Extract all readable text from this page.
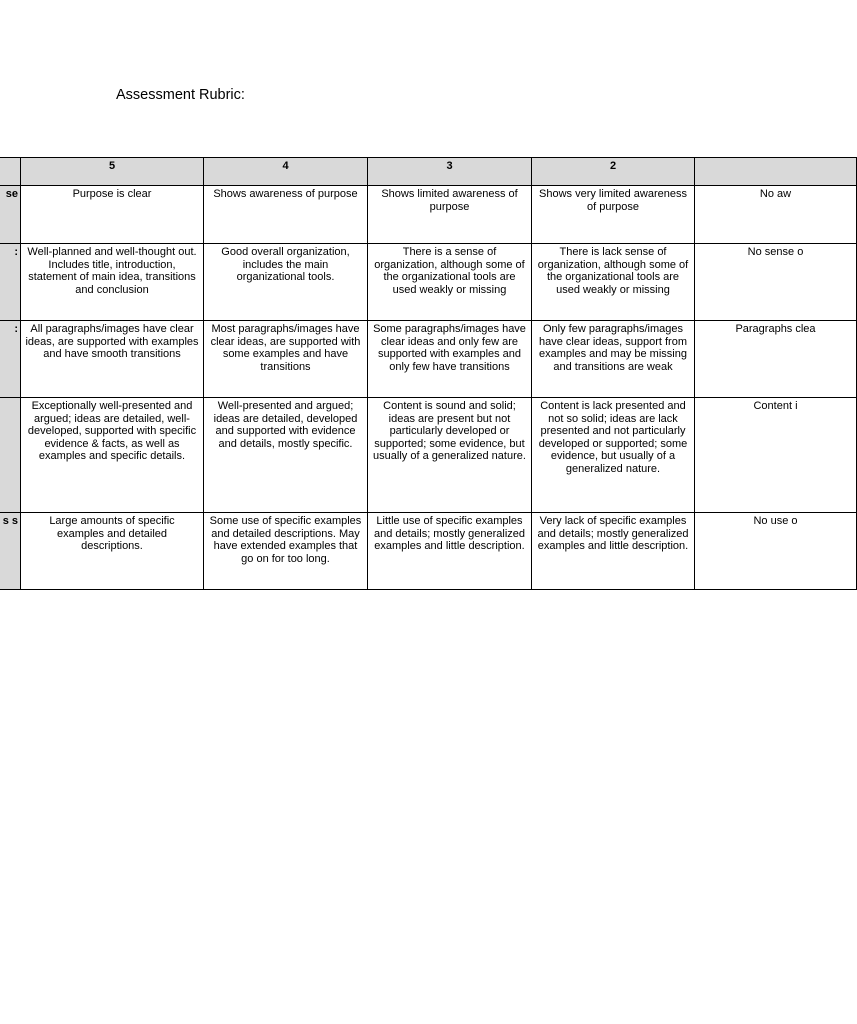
Assessment Rubric:
	5	4	3	2	
se	Purpose is clear	Shows awareness of purpose	Shows limited awareness of purpose	Shows very limited awareness of purpose	No aw
:	Well-planned and well-thought out. Includes title, introduction, statement of main idea, transitions and conclusion	Good overall organization, includes the main organizational tools.	There is a sense of organization, although some of the organizational tools are used weakly or missing	There is lack sense of organization, although some of the organizational tools are used weakly or missing	No sense o
:	All paragraphs/images have clear ideas, are supported with examples and have smooth transitions	Most paragraphs/images have clear ideas, are supported with some examples and have transitions	Some paragraphs/images have clear ideas and only few are supported with examples and only few have transitions	Only few paragraphs/images have clear ideas, support from examples and may be missing and transitions are weak	Paragraphs clea
	Exceptionally well-presented and argued; ideas are detailed, well-developed, supported with specific evidence & facts, as well as examples and specific details.	Well-presented and argued; ideas are detailed, developed and supported with evidence and details, mostly specific.	Content is sound and solid; ideas are present but not particularly developed or supported; some evidence, but usually of a generalized nature.	Content is lack presented and not so solid; ideas are lack presented and not particularly developed or supported; some evidence, but usually of a generalized nature.	Content i
s s	Large amounts of specific examples and detailed descriptions.	Some use of specific examples and detailed descriptions. May have extended examples that go on for too long.	Little use of specific examples and details; mostly generalized examples and little description.	Very lack of specific examples and details; mostly generalized examples and little description.	No use o
